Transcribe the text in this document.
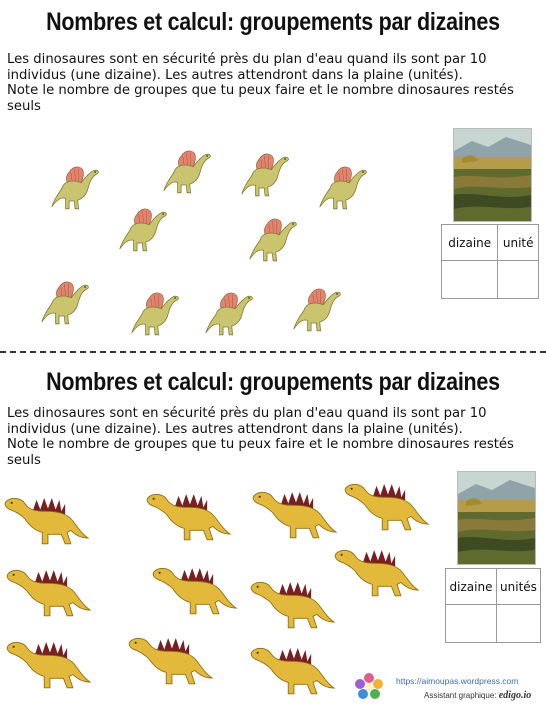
Nombres et calcul: groupements par dizaines

Les dinosaures sont en sécurité près du plan d'eau quand ils sont par 10 individus (une dizaine). Les autres attendront dans la plaine (unités).

Note le nombre de groupes que tu peux faire et le nombre dinosaures restés seuls

dizaine	unité

Nombres et calcul: groupements par dizaines

Les dinosaures sont en sécurité près du plan d'eau quand ils sont par 10 individus (une dizaine). Les autres attendront dans la plaine (unités).

Note le nombre de groupes que tu peux faire et le nombre dinosaures restés seuls

dizaine	unités

https://aimoupas.wordpress.com
Assistant graphique: edigo.io
